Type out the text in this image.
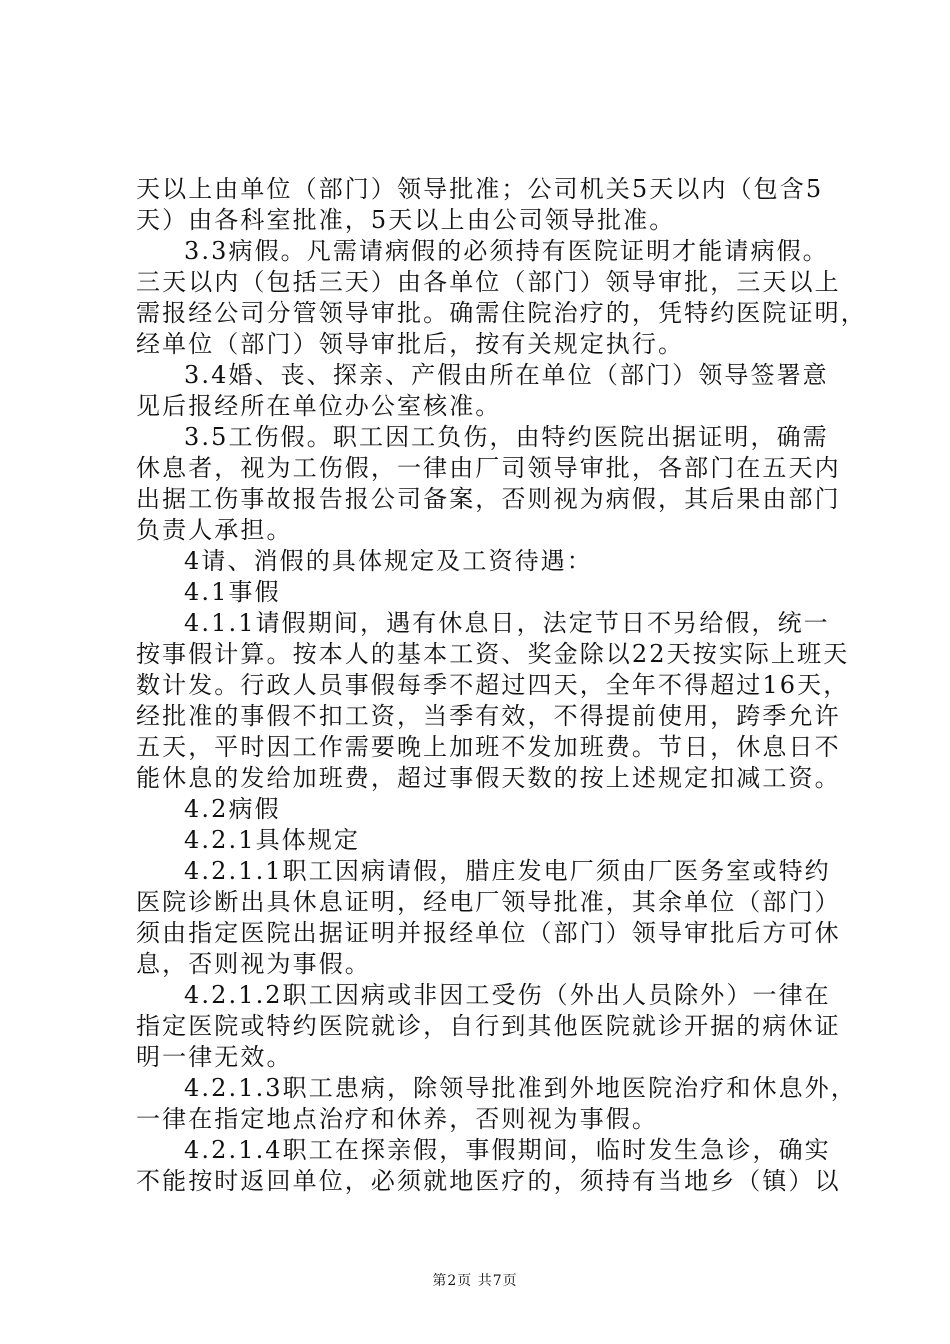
天以上由单位（部门）领导批准；公司机关5天以内（包含5

天）由各科室批准，5天以上由公司领导批准。

3.3病假。凡需请病假的必须持有医院证明才能请病假。

三天以内（包括三天）由各单位（部门）领导审批，三天以上

需报经公司分管领导审批。确需住院治疗的，凭特约医院证明，

经单位（部门）领导审批后，按有关规定执行。

3.4婚、丧、探亲、产假由所在单位（部门）领导签署意

见后报经所在单位办公室核准。

3.5工伤假。职工因工负伤，由特约医院出据证明，确需

休息者，视为工伤假，一律由厂司领导审批，各部门在五天内

出据工伤事故报告报公司备案，否则视为病假，其后果由部门

负责人承担。

4请、消假的具体规定及工资待遇：

4.1事假

4.1.1请假期间，遇有休息日，法定节日不另给假，统一

按事假计算。按本人的基本工资、奖金除以22天按实际上班天

数计发。行政人员事假每季不超过四天，全年不得超过16天，

经批准的事假不扣工资，当季有效，不得提前使用，跨季允许

五天，平时因工作需要晚上加班不发加班费。节日，休息日不

能休息的发给加班费，超过事假天数的按上述规定扣减工资。

4.2病假

4.2.1具体规定

4.2.1.1职工因病请假，腊庄发电厂须由厂医务室或特约

医院诊断出具休息证明，经电厂领导批准，其余单位（部门）

须由指定医院出据证明并报经单位（部门）领导审批后方可休

息，否则视为事假。

4.2.1.2职工因病或非因工受伤（外出人员除外）一律在

指定医院或特约医院就诊，自行到其他医院就诊开据的病休证

明一律无效。

4.2.1.3职工患病，除领导批准到外地医院治疗和休息外，

一律在指定地点治疗和休养，否则视为事假。

4.2.1.4职工在探亲假，事假期间，临时发生急诊，确实

不能按时返回单位，必须就地医疗的，须持有当地乡（镇）以

第2页 共7页
